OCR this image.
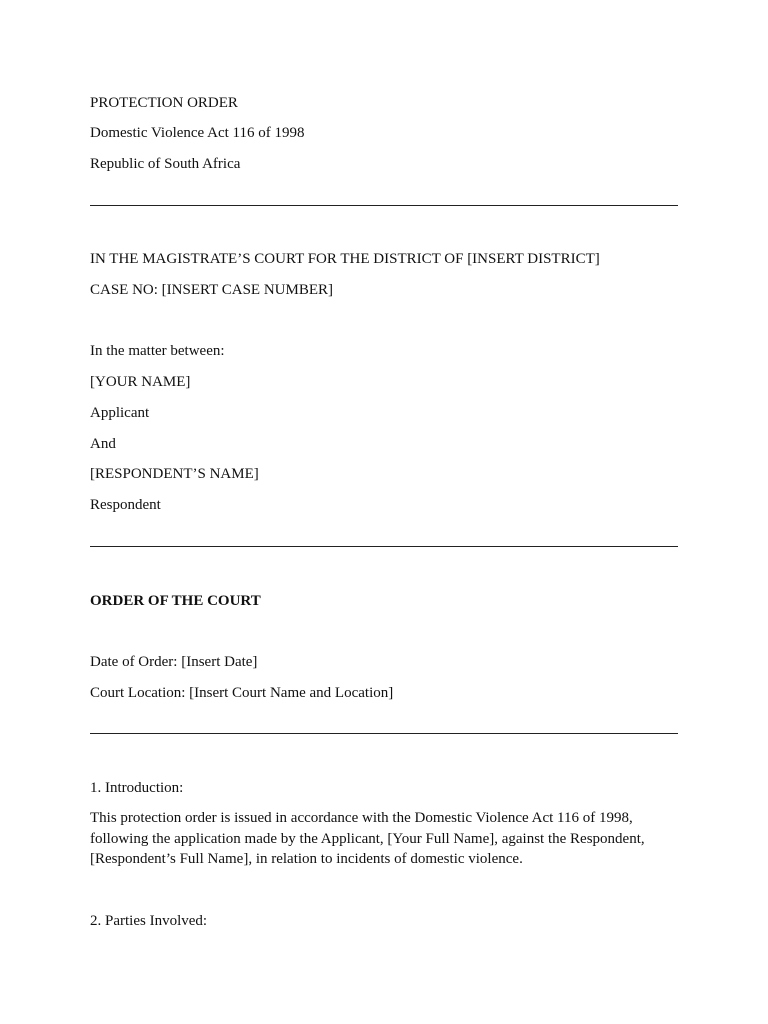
PROTECTION ORDER
Domestic Violence Act 116 of 1998
Republic of South Africa
IN THE MAGISTRATE’S COURT FOR THE DISTRICT OF [INSERT DISTRICT]
CASE NO: [INSERT CASE NUMBER]
In the matter between:
[YOUR NAME]
Applicant
And
[RESPONDENT’S NAME]
Respondent
ORDER OF THE COURT
Date of Order: [Insert Date]
Court Location: [Insert Court Name and Location]
1. Introduction:
This protection order is issued in accordance with the Domestic Violence Act 116 of 1998, following the application made by the Applicant, [Your Full Name], against the Respondent, [Respondent’s Full Name], in relation to incidents of domestic violence.
2. Parties Involved:
